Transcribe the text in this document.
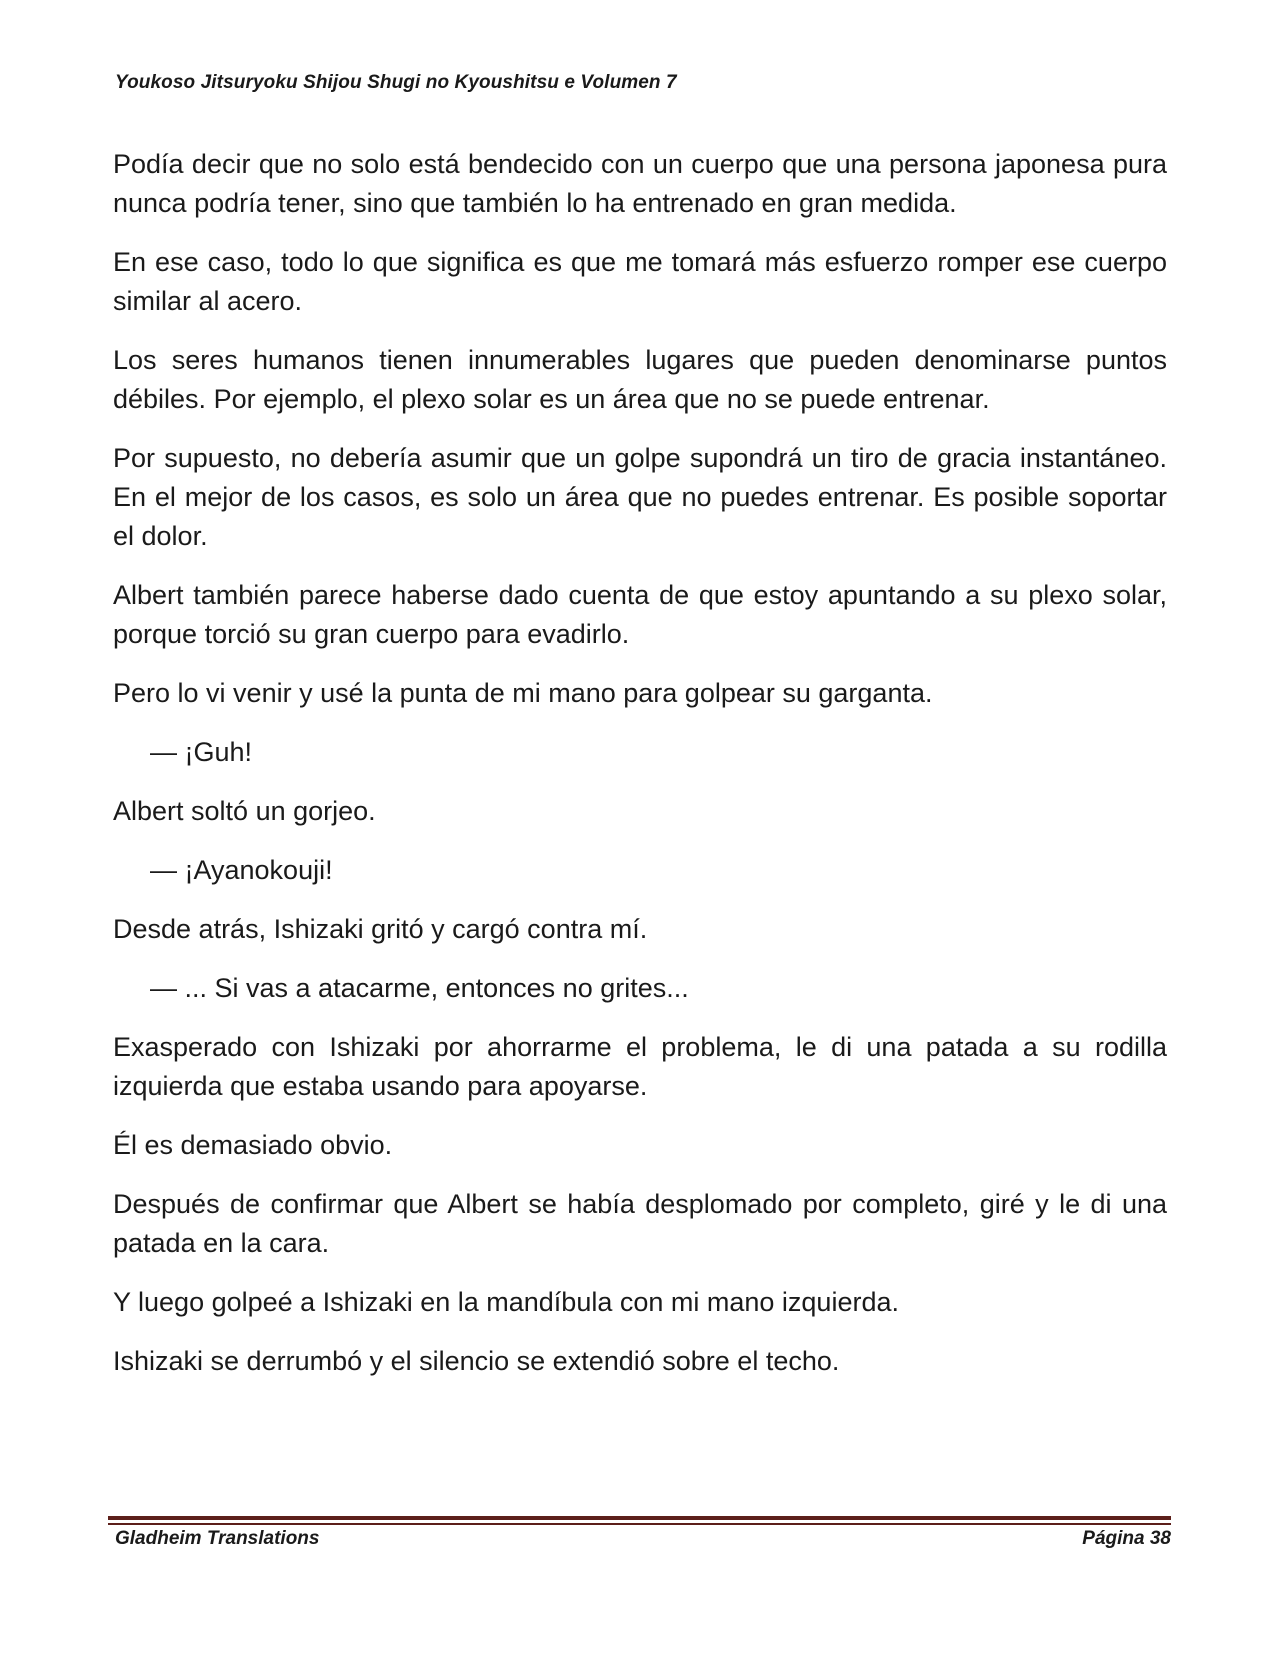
Youkoso Jitsuryoku Shijou Shugi no Kyoushitsu e Volumen 7

Podía decir que no solo está bendecido con un cuerpo que una persona japonesa pura nunca podría tener, sino que también lo ha entrenado en gran medida.

En ese caso, todo lo que significa es que me tomará más esfuerzo romper ese cuerpo similar al acero.

Los seres humanos tienen innumerables lugares que pueden denominarse puntos débiles. Por ejemplo, el plexo solar es un área que no se puede entrenar.

Por supuesto, no debería asumir que un golpe supondrá un tiro de gracia instantáneo. En el mejor de los casos, es solo un área que no puedes entrenar. Es posible soportar el dolor.

Albert también parece haberse dado cuenta de que estoy apuntando a su plexo solar, porque torció su gran cuerpo para evadirlo.

Pero lo vi venir y usé la punta de mi mano para golpear su garganta.

— ¡Guh!

Albert soltó un gorjeo.

— ¡Ayanokouji!

Desde atrás, Ishizaki gritó y cargó contra mí.

— ... Si vas a atacarme, entonces no grites...

Exasperado con Ishizaki por ahorrarme el problema, le di una patada a su rodilla izquierda que estaba usando para apoyarse.

Él es demasiado obvio.

Después de confirmar que Albert se había desplomado por completo, giré y le di una patada en la cara.

Y luego golpeé a Ishizaki en la mandíbula con mi mano izquierda.

Ishizaki se derrumbó y el silencio se extendió sobre el techo.

Gladheim Translations	Página 38
